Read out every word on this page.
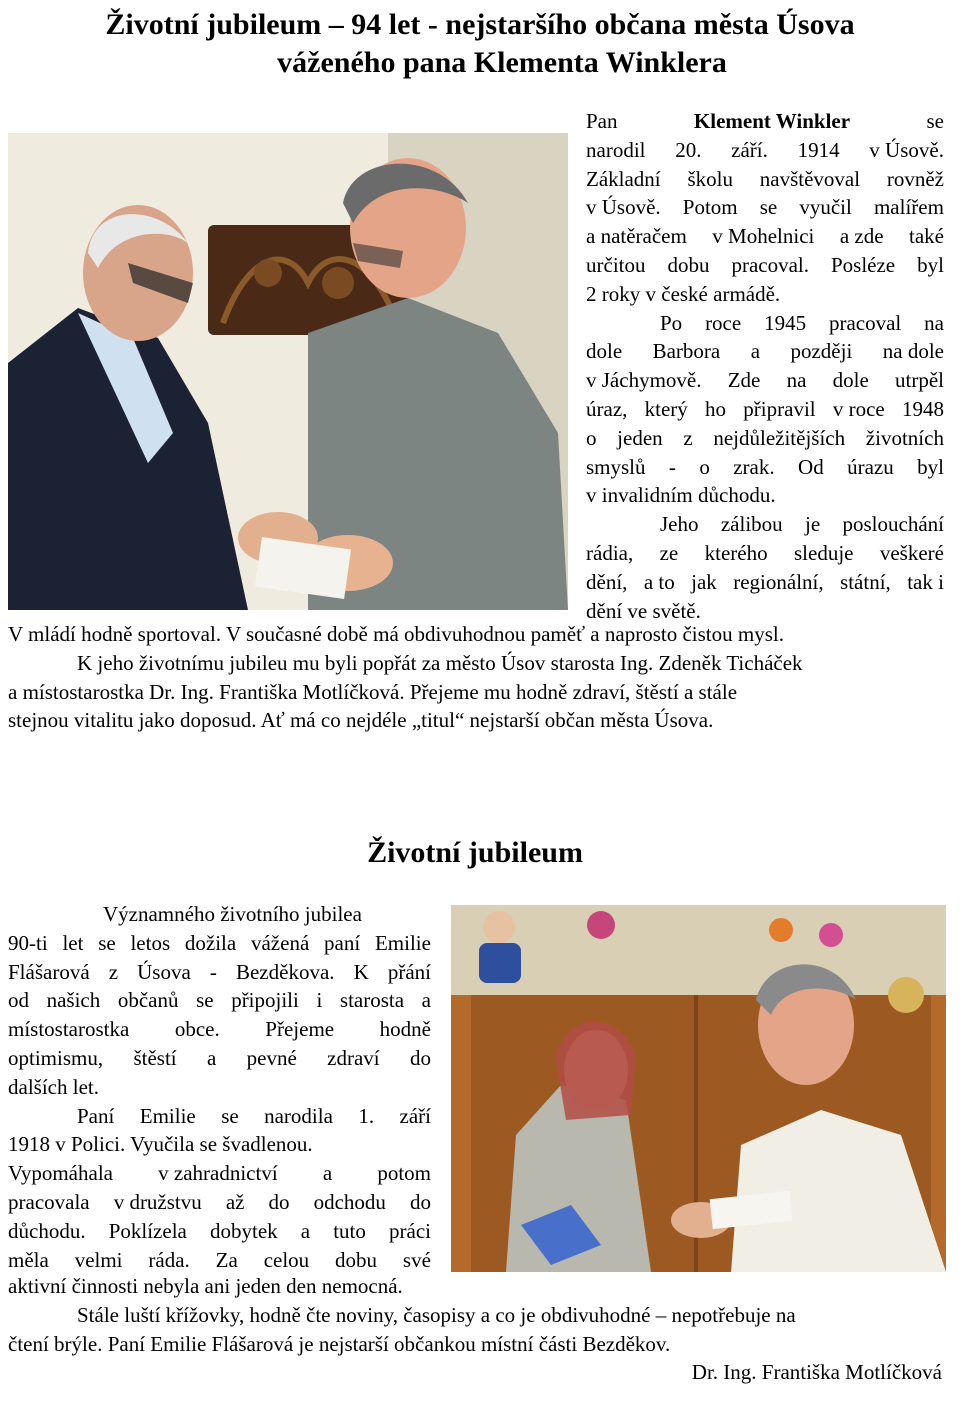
Životní jubileum – 94 let - nejstaršího občana města Úsova
váženého pana Klementa Winklera
Pan	Klement Winkler	se
narodil 20. září. 1914 v Úsově.
Základní školu navštěvoval rovněž
v Úsově. Potom se vyučil malířem
a natěračem v Mohelnici a zde také
určitou dobu pracoval. Posléze byl
2 roky v české armádě.
Po roce 1945 pracoval na
dole Barbora a později na dole
v Jáchymově. Zde na dole utrpěl
úraz, který ho připravil v roce 1948
o jeden z nejdůležitějších životních
smyslů - o zrak. Od úrazu byl
v invalidním důchodu.
Jeho zálibou je poslouchání
rádia, ze kterého sleduje veškeré
dění, a to jak regionální, státní, tak i
dění ve světě.
V mládí hodně sportoval. V současné době má obdivuhodnou paměť a naprosto čistou mysl.
K jeho životnímu jubileu mu byli popřát za město Úsov starosta Ing. Zdeněk Ticháček
a místostarostka Dr. Ing. Františka Motlíčková. Přejeme mu hodně zdraví, štěstí a stále
stejnou vitalitu jako doposud. Ať má co nejdéle „titul“ nejstarší občan města Úsova.
Životní jubileum
Významného životního jubilea
90-ti let se letos dožila vážená paní Emilie
Flášarová z Úsova - Bezděkova. K přání
od našich občanů se připojili i starosta a
místostarostka obce. Přejeme hodně
optimismu, štěstí a pevné zdraví do
dalších let.
Paní Emilie se narodila 1. září
1918 v Polici. Vyučila se švadlenou.
Vypomáhala v zahradnictví a potom
pracovala v družstvu až do odchodu do
důchodu. Poklízela dobytek a tuto práci
měla velmi ráda. Za celou dobu své
aktivní činnosti nebyla ani jeden den nemocná.
Stále luští křížovky, hodně čte noviny, časopisy a co je obdivuhodné – nepotřebuje na
čtení brýle. Paní Emilie Flášarová je nejstarší občankou místní části Bezděkov.
Dr. Ing. Františka Motlíčková
